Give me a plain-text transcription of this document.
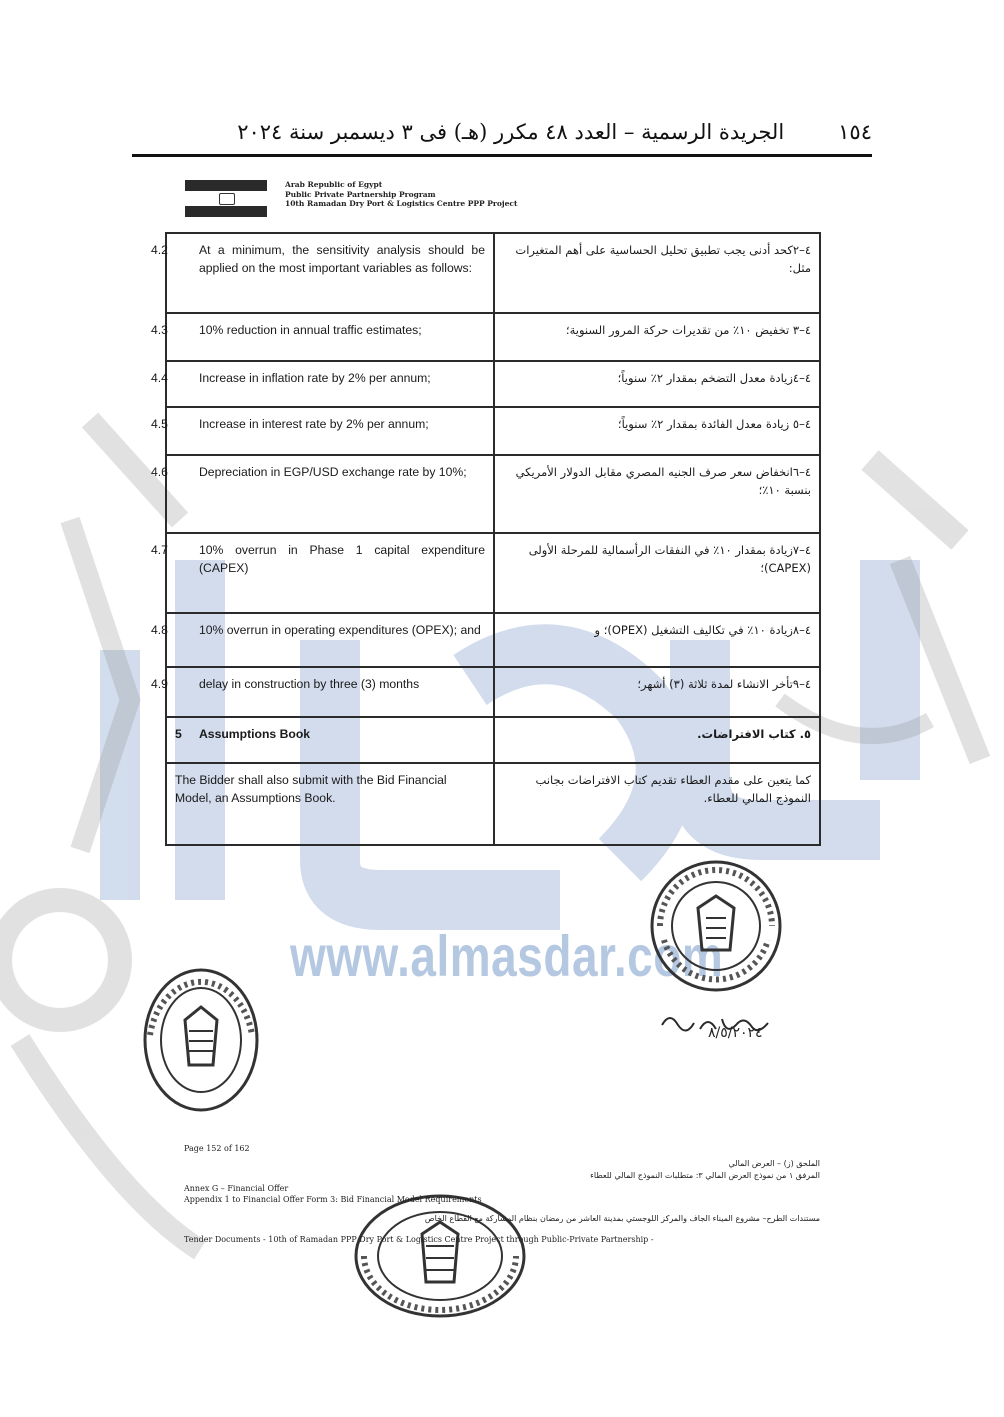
١٥٤
الجريدة الرسمية – العدد ٤٨ مكرر (هـ) فى ٣ ديسمبر سنة ٢٠٢٤
Arab Republic of Egypt
Public Private Partnership Program
10th Ramadan Dry Port & Logistics Centre PPP Project
4.2 At a minimum, the sensitivity analysis should be applied on the most important variables as follows:	٤–٢كحد أدنى يجب تطبيق تحليل الحساسية على أهم المتغيرات مثل:

4.3 10% reduction in annual traffic estimates;	٤–٣ تخفيض ١٠٪ من تقديرات حركة المرور السنوية؛

4.4 Increase in inflation rate by 2% per annum;	٤–٤زيادة معدل التضخم بمقدار ٢٪ سنوياً؛

4.5 Increase in interest rate by 2% per annum;	٤–٥ زيادة معدل الفائدة بمقدار ٢٪ سنوياً؛

4.6 Depreciation in EGP/USD exchange rate by 10%;	٤–٦انخفاض سعر صرف الجنيه المصري مقابل الدولار الأمريكي بنسبة ١٠٪؛

4.7 10% overrun in Phase 1 capital expenditure (CAPEX)	٤–٧زيادة بمقدار ١٠٪ في النفقات الرأسمالية للمرحلة الأولى (CAPEX)؛

4.8 10% overrun in operating expenditures (OPEX); and	٤–٨زيادة ١٠٪ في تكاليف التشغيل (OPEX)؛ و

4.9 delay in construction by three (3) months	٤–٩تأخر الانشاء لمدة ثلاثة (٣) أشهر؛
5 Assumptions Book	٥. كتاب الافتراضات.
The Bidder shall also submit with the Bid Financial Model, an Assumptions Book.	كما يتعين على مقدم العطاء تقديم كتاب الافتراضات بجانب النموذج المالي للعطاء.
www.almasdar.com
٨/٥/٢٠٢٤
Page 152 of 162
Annex G – Financial Offer
Appendix 1 to Financial Offer Form 3: Bid Financial Model Requirements
Tender Documents - 10th of Ramadan PPP Dry Port & Logistics Centre Project through Public-Private Partnership -
الملحق (ز) – العرض المالي
المرفق ١ من نموذج العرض المالي ٣: متطلبات النموذج المالي للعطاء
مستندات الطرح– مشروع الميناء الجاف والمركز اللوجستي بمدينة العاشر من رمضان بنظام المشاركة مع القطاع الخاص
